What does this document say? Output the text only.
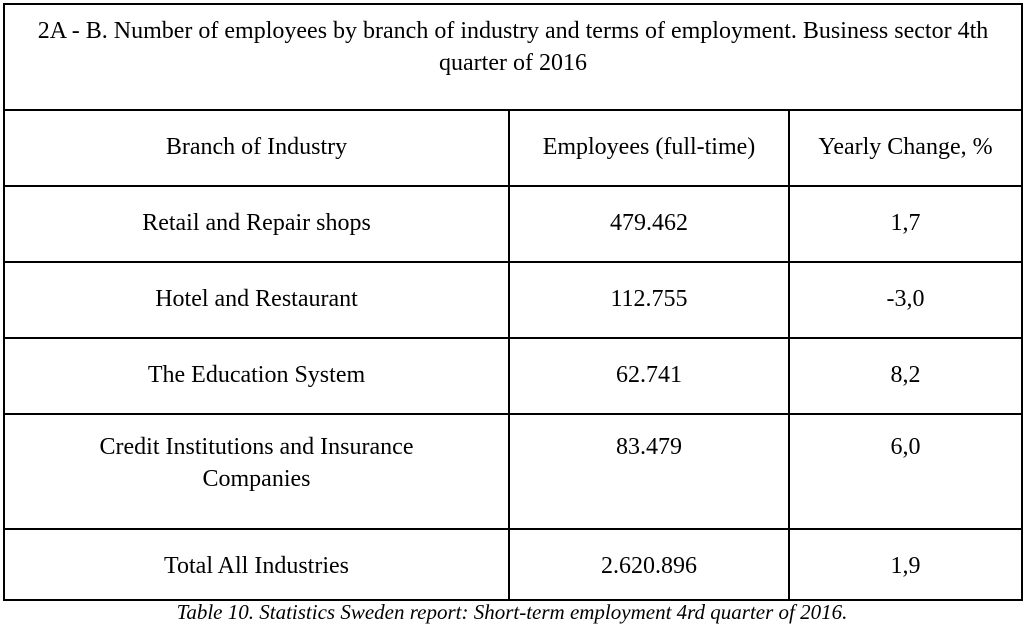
2A - B. Number of employees by branch of industry and terms of employment. Business sector 4th quarter of 2016		
Branch of Industry	Employees (full-time)	Yearly Change, %
Retail and Repair shops	479.462	1,7
Hotel and Restaurant	112.755	-3,0
The Education System	62.741	8,2
Credit Institutions and Insurance Companies	83.479	6,0
Total All Industries	2.620.896	1,9
Table 10. Statistics Sweden report: Short-term employment 4rd quarter of 2016.
